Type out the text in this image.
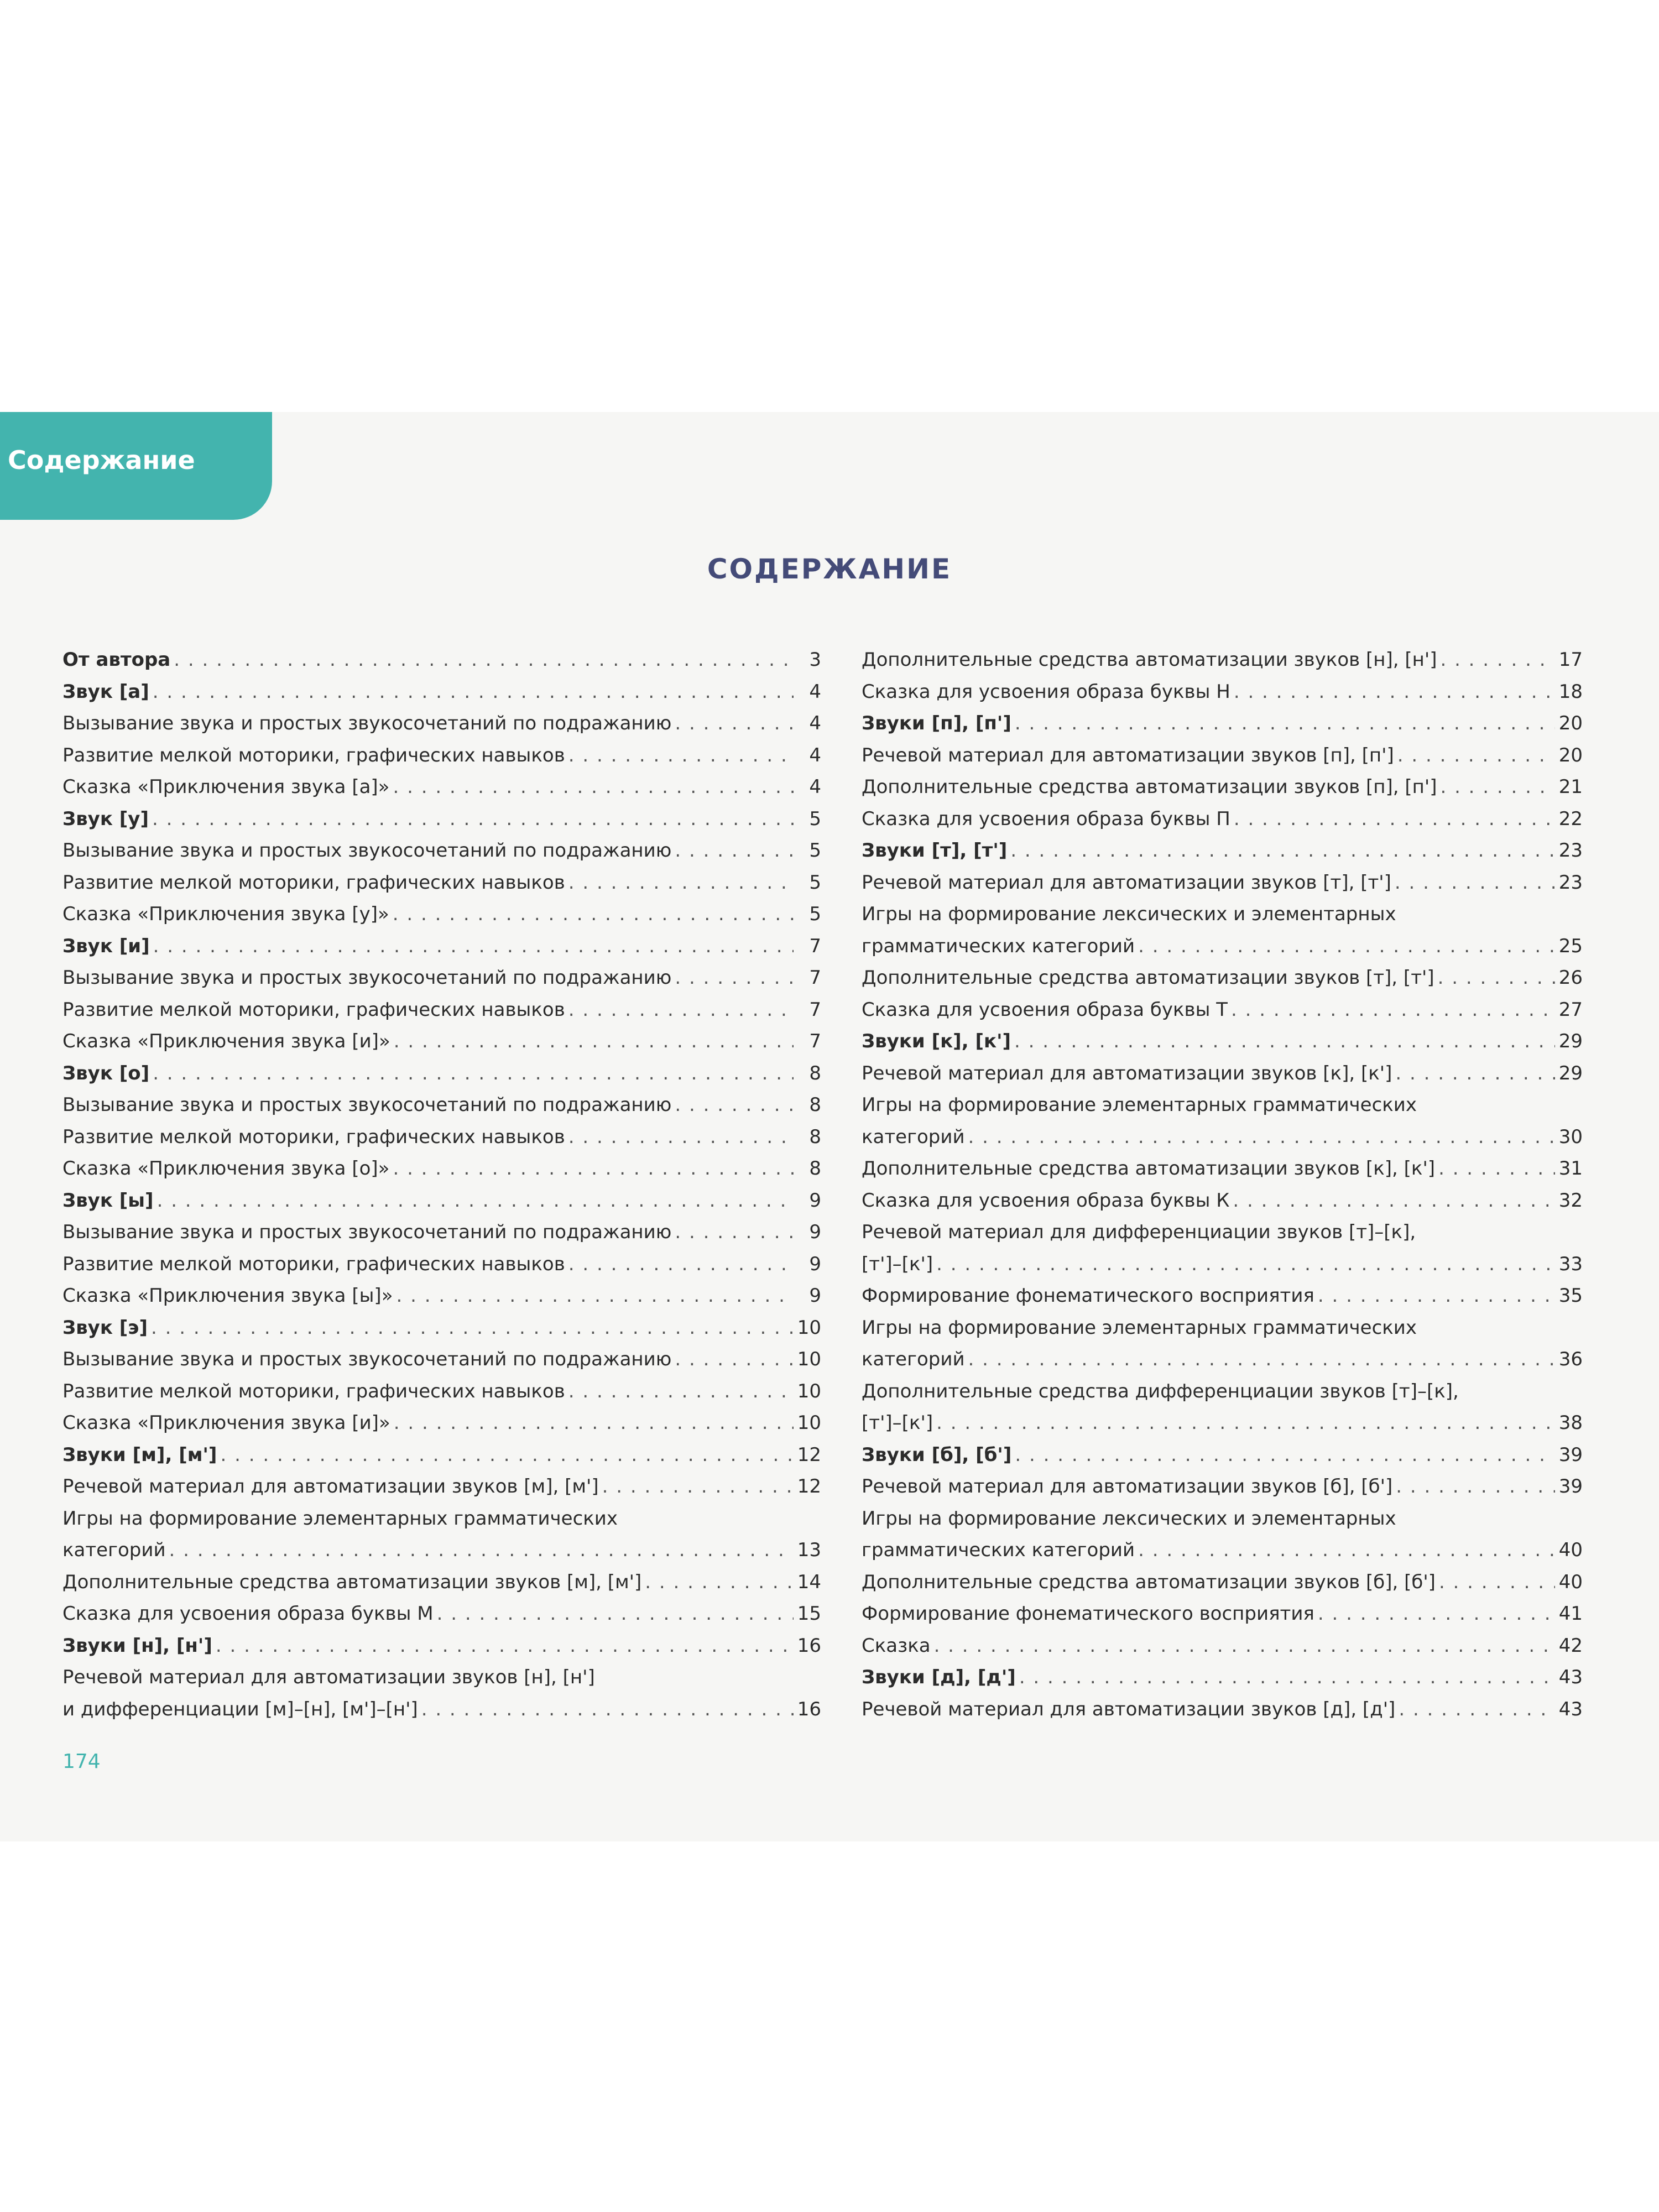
Содержание
СОДЕРЖАНИЕ
От автора . . .	3
Звук [а] . . .	4
Вызывание звука и простых звукосочетаний по подражанию . . .	4
Развитие мелкой моторики, графических навыков . . .	4
Сказка «Приключения звука [а]» . . .	4
Звук [у] . . .	5
Вызывание звука и простых звукосочетаний по подражанию . . .	5
Развитие мелкой моторики, графических навыков . . .	5
Сказка «Приключения звука [у]» . . .	5
Звук [и] . . .	7
Вызывание звука и простых звукосочетаний по подражанию . . .	7
Развитие мелкой моторики, графических навыков . . .	7
Сказка «Приключения звука [и]» . . .	7
Звук [о] . . .	8
Вызывание звука и простых звукосочетаний по подражанию . . .	8
Развитие мелкой моторики, графических навыков . . .	8
Сказка «Приключения звука [о]» . . .	8
Звук [ы] . . .	9
Вызывание звука и простых звукосочетаний по подражанию . . .	9
Развитие мелкой моторики, графических навыков . . .	9
Сказка «Приключения звука [ы]» . . .	9
Звук [э] . . .	10
Вызывание звука и простых звукосочетаний по подражанию . . .	10
Развитие мелкой моторики, графических навыков . . .	10
Сказка «Приключения звука [и]» . . .	10
Звуки [м], [м'] . . .	12
Речевой материал для автоматизации звуков [м], [м'] . . .	12
Игры на формирование элементарных грамматических
категорий . . .	13
Дополнительные средства автоматизации звуков [м], [м'] . . .	14
Сказка для усвоения образа буквы М . . .	15
Звуки [н], [н'] . . .	16
Речевой материал для автоматизации звуков [н], [н']
и дифференциации [м]–[н], [м']–[н'] . . .	16
Дополнительные средства автоматизации звуков [н], [н'] . . .	17
Сказка для усвоения образа буквы Н . . .	18
Звуки [п], [п'] . . .	20
Речевой материал для автоматизации звуков [п], [п'] . . .	20
Дополнительные средства автоматизации звуков [п], [п'] . . .	21
Сказка для усвоения образа буквы П . . .	22
Звуки [т], [т'] . . .	23
Речевой материал для автоматизации звуков [т], [т'] . . .	23
Игры на формирование лексических и элементарных
грамматических категорий . . .	25
Дополнительные средства автоматизации звуков [т], [т'] . . .	26
Сказка для усвоения образа буквы Т . . .	27
Звуки [к], [к'] . . .	29
Речевой материал для автоматизации звуков [к], [к'] . . .	29
Игры на формирование элементарных грамматических
категорий . . .	30
Дополнительные средства автоматизации звуков [к], [к'] . . .	31
Сказка для усвоения образа буквы К . . .	32
Речевой материал для дифференциации звуков [т]–[к],
[т']–[к'] . . .	33
Формирование фонематического восприятия . . .	35
Игры на формирование элементарных грамматических
категорий . . .	36
Дополнительные средства дифференциации звуков [т]–[к],
[т']–[к'] . . .	38
Звуки [б], [б'] . . .	39
Речевой материал для автоматизации звуков [б], [б'] . . .	39
Игры на формирование лексических и элементарных
грамматических категорий . . .	40
Дополнительные средства автоматизации звуков [б], [б'] . . .	40
Формирование фонематического восприятия . . .	41
Сказка . . .	42
Звуки [д], [д'] . . .	43
Речевой материал для автоматизации звуков [д], [д'] . . .	43
174
